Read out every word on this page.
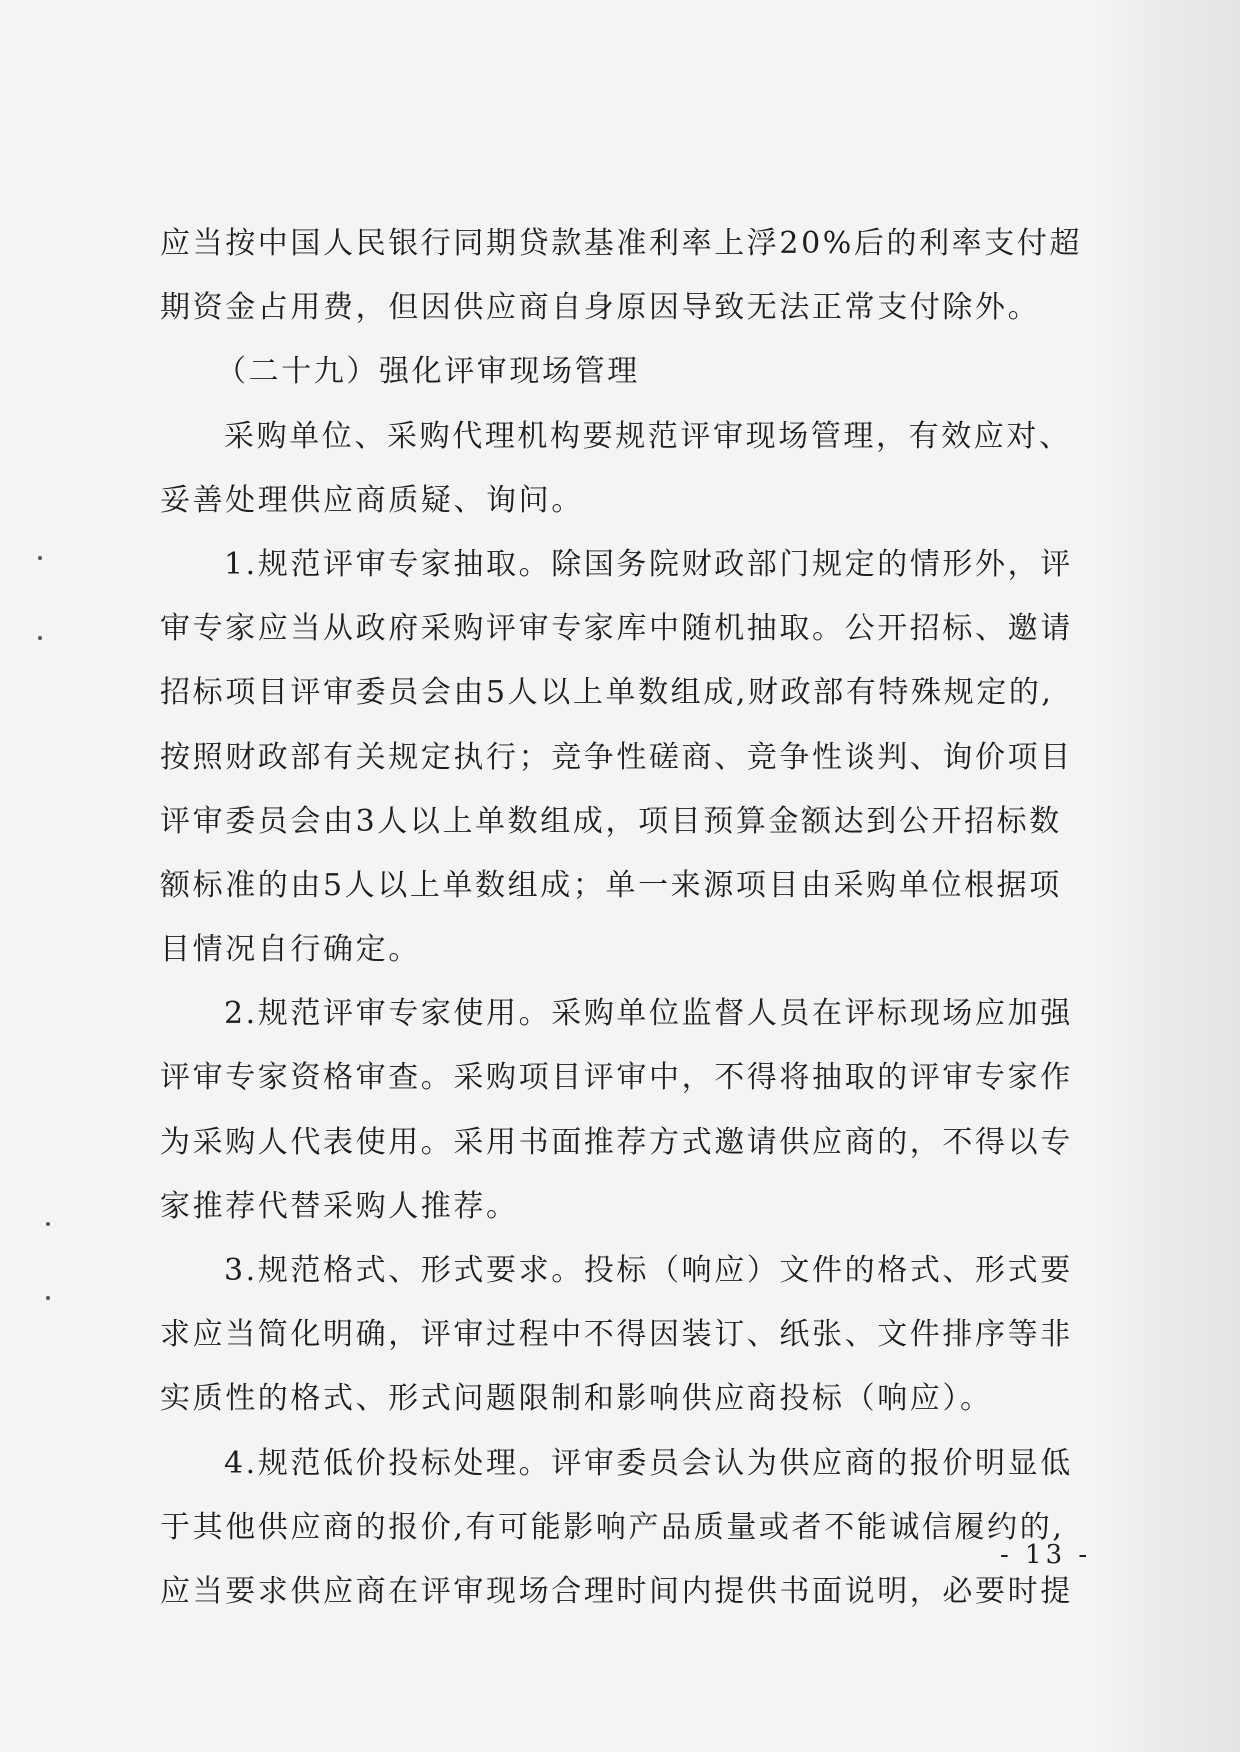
应当按中国人民银行同期贷款基准利率上浮20%后的利率支付超
期资金占用费，但因供应商自身原因导致无法正常支付除外。
（二十九）强化评审现场管理
采购单位、采购代理机构要规范评审现场管理，有效应对、
妥善处理供应商质疑、询问。
1.规范评审专家抽取。除国务院财政部门规定的情形外，评
审专家应当从政府采购评审专家库中随机抽取。公开招标、邀请
招标项目评审委员会由5人以上单数组成,财政部有特殊规定的,
按照财政部有关规定执行；竞争性磋商、竞争性谈判、询价项目
评审委员会由3人以上单数组成，项目预算金额达到公开招标数
额标准的由5人以上单数组成；单一来源项目由采购单位根据项
目情况自行确定。
2.规范评审专家使用。采购单位监督人员在评标现场应加强
评审专家资格审查。采购项目评审中，不得将抽取的评审专家作
为采购人代表使用。采用书面推荐方式邀请供应商的，不得以专
家推荐代替采购人推荐。
3.规范格式、形式要求。投标（响应）文件的格式、形式要
求应当简化明确，评审过程中不得因装订、纸张、文件排序等非
实质性的格式、形式问题限制和影响供应商投标（响应）。
4.规范低价投标处理。评审委员会认为供应商的报价明显低
于其他供应商的报价,有可能影响产品质量或者不能诚信履约的,
应当要求供应商在评审现场合理时间内提供书面说明，必要时提
- 13 -
